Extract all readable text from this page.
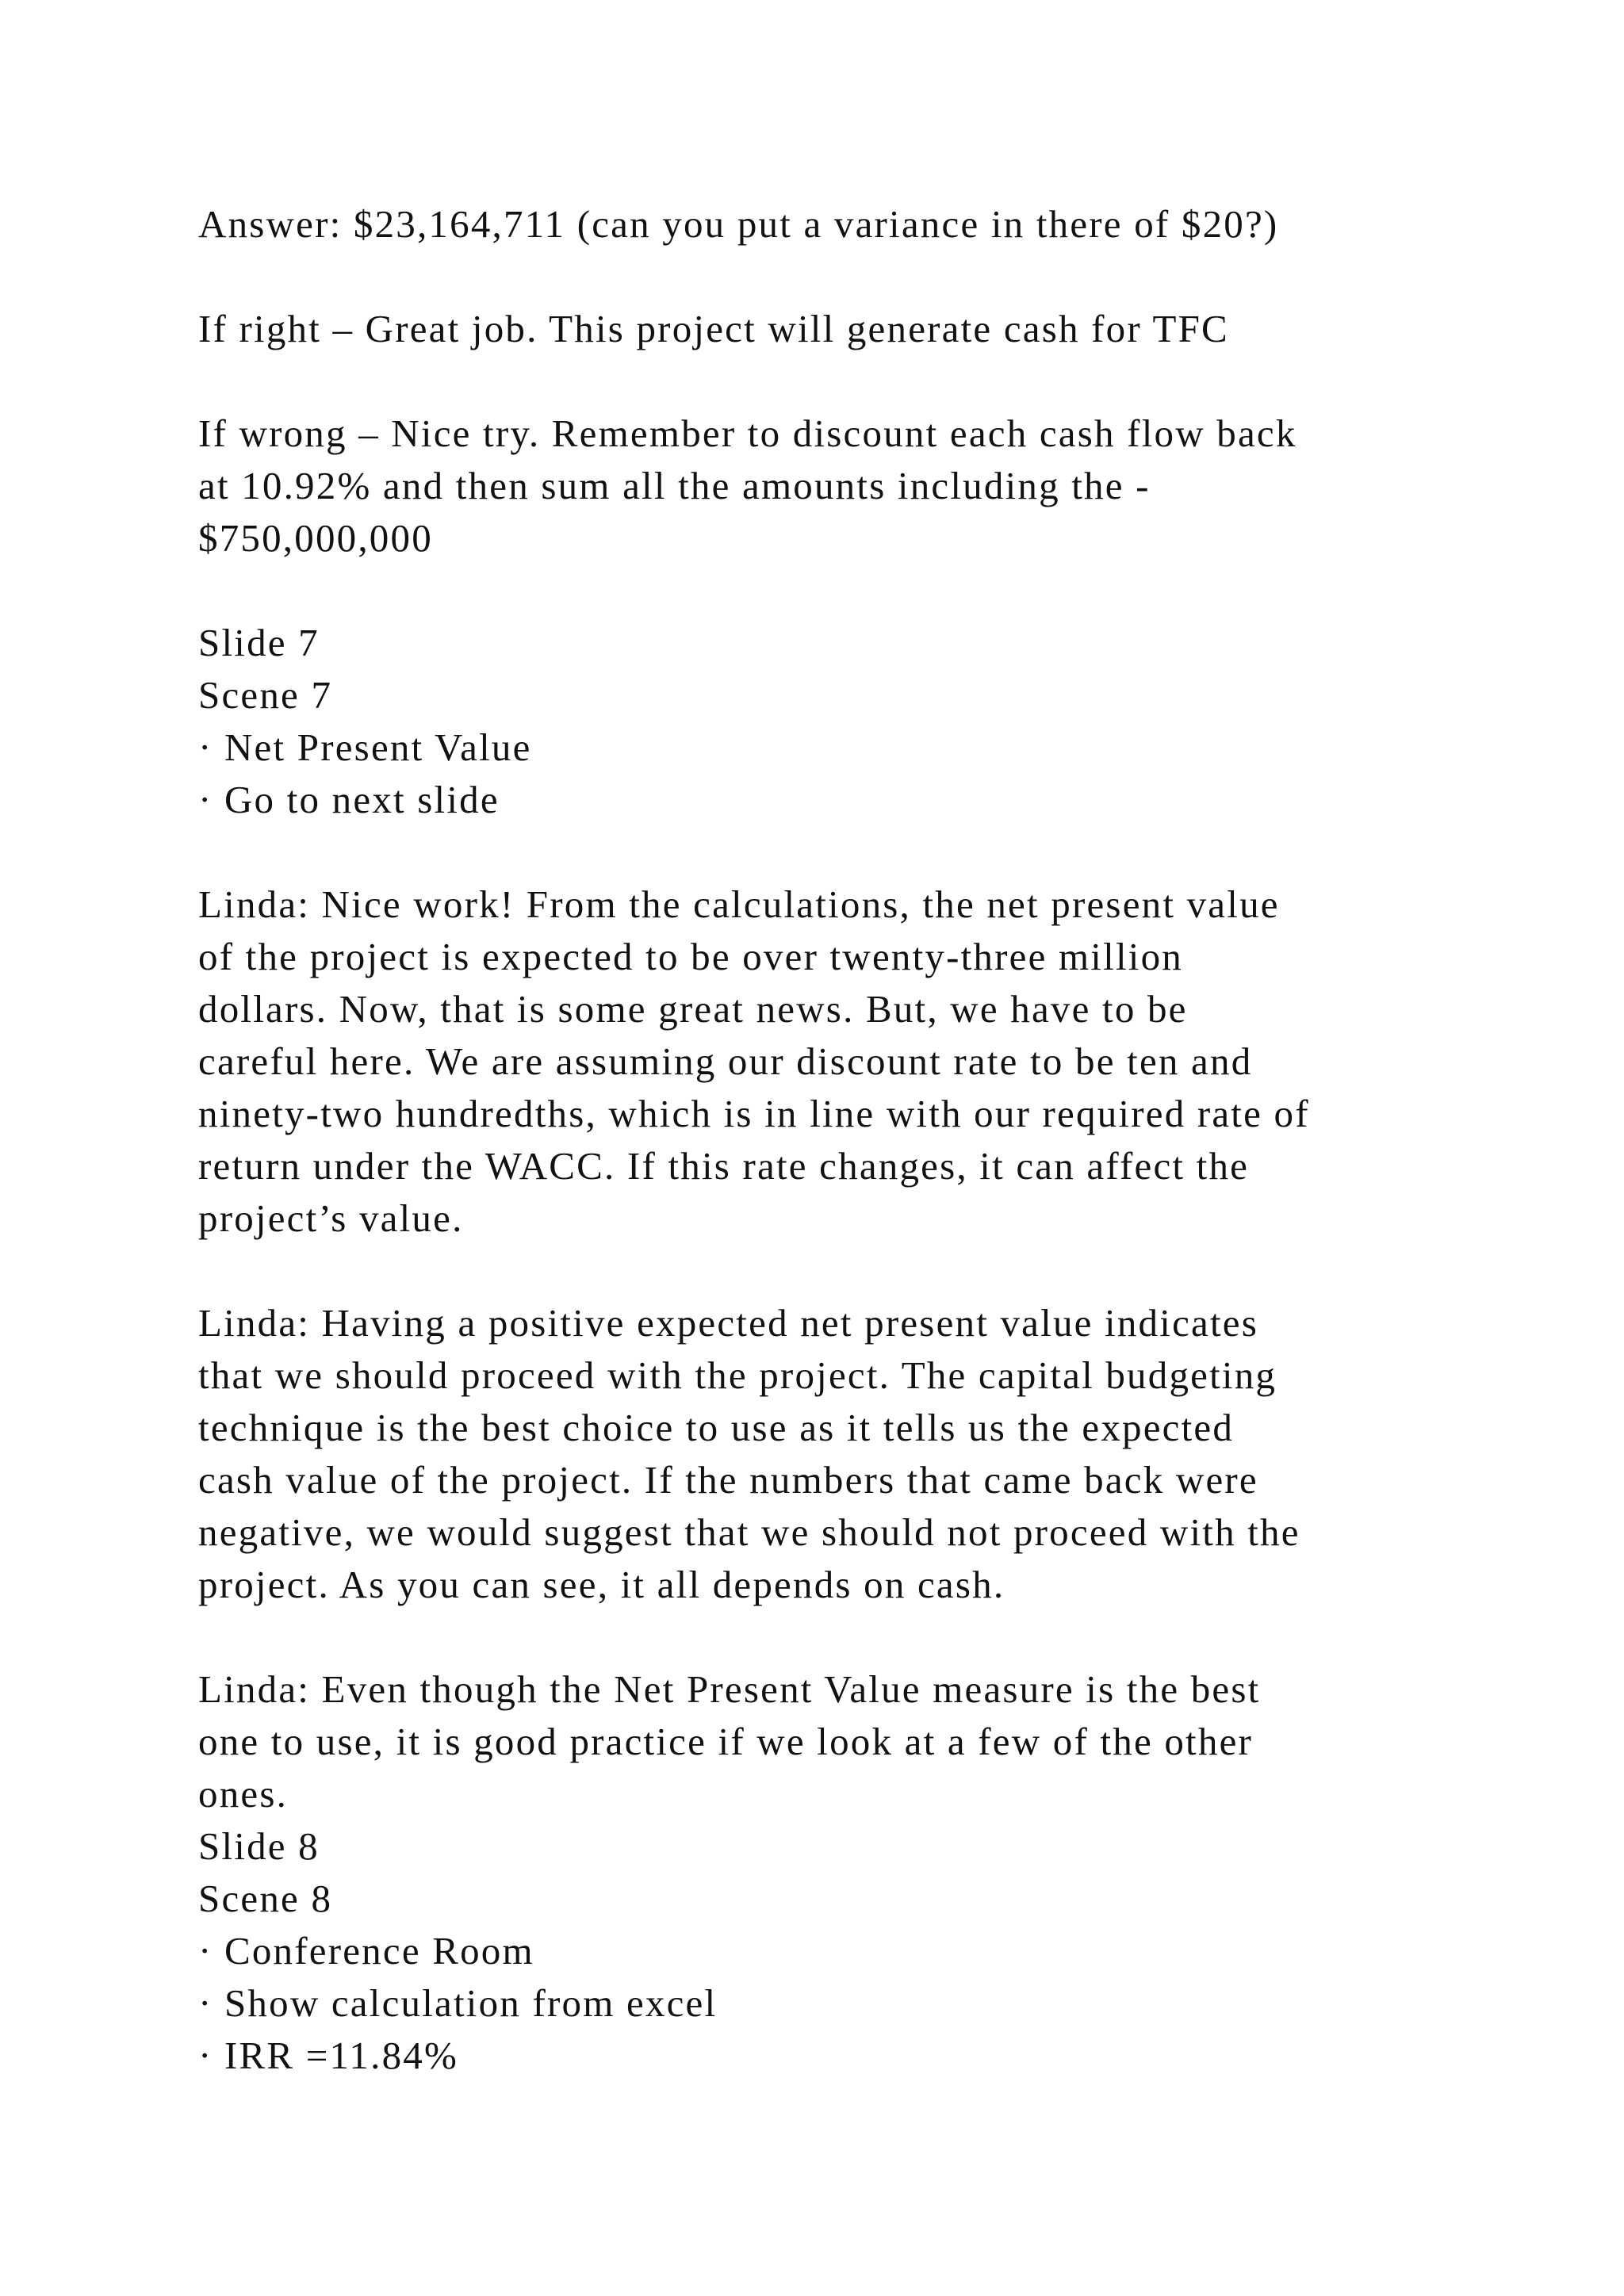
Answer: $23,164,711 (can you put a variance in there of $20?)
If right – Great job. This project will generate cash for TFC
If wrong – Nice try. Remember to discount each cash flow back
at 10.92% and then sum all the amounts including the -
$750,000,000
Slide 7
Scene 7
· Net Present Value
· Go to next slide
Linda: Nice work! From the calculations, the net present value
of the project is expected to be over twenty-three million
dollars. Now, that is some great news. But, we have to be
careful here. We are assuming our discount rate to be ten and
ninety-two hundredths, which is in line with our required rate of
return under the WACC. If this rate changes, it can affect the
project’s value.
Linda: Having a positive expected net present value indicates
that we should proceed with the project. The capital budgeting
technique is the best choice to use as it tells us the expected
cash value of the project. If the numbers that came back were
negative, we would suggest that we should not proceed with the
project. As you can see, it all depends on cash.
Linda: Even though the Net Present Value measure is the best
one to use, it is good practice if we look at a few of the other
ones.
Slide 8
Scene 8
· Conference Room
· Show calculation from excel
· IRR =11.84%
